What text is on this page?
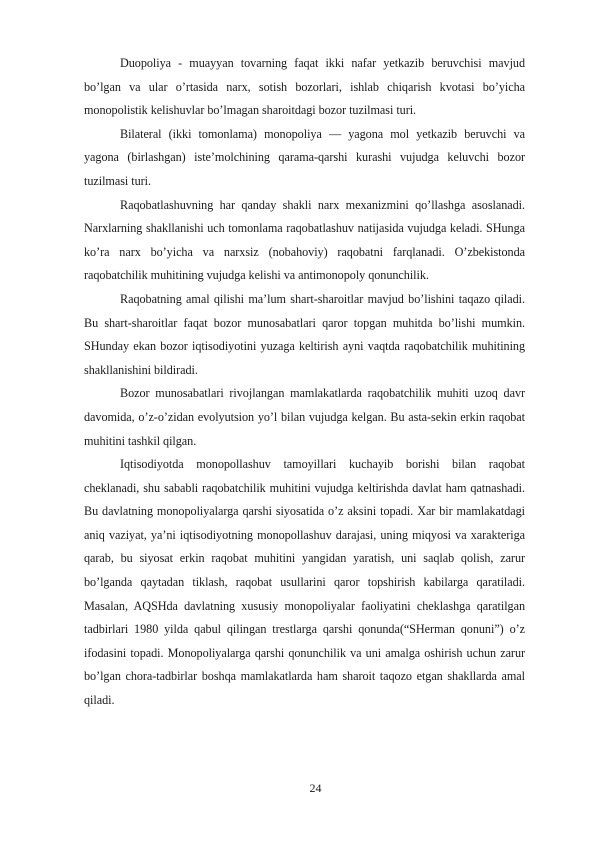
Duopoliya - muayyan tovarning faqat ikki nafar yetkazib beruvchisi mavjud bo’lgan va ular o’rtasida narx, sotish bozorlari, ishlab chiqarish kvotasi bo’yicha monopolistik kelishuvlar bo’lmagan sharoitdagi bozor tuzilmasi turi.

Bilateral (ikki tomonlama) monopoliya — yagona mol yetkazib beruvchi va yagona (birlashgan) iste’molchining qarama-qarshi kurashi vujudga keluvchi bozor tuzilmasi turi.

Raqobatlashuvning har qanday shakli narx mexanizmini qo’llashga asoslanadi. Narxlarning shakllanishi uch tomonlama raqobatlashuv natijasida vujudga keladi. SHunga ko’ra narx bo’yicha va narxsiz (nobahoviy) raqobatni farqlanadi. O’zbekistonda raqobatchilik muhitining vujudga kelishi va antimonopoly qonunchilik.

Raqobatning amal qilishi ma’lum shart-sharoitlar mavjud bo’lishini taqazo qiladi. Bu shart-sharoitlar faqat bozor munosabatlari qaror topgan muhitda bo’lishi mumkin. SHunday ekan bozor iqtisodiyotini yuzaga keltirish ayni vaqtda raqobatchilik muhitining shakllanishini bildiradi.

Bozor munosabatlari rivojlangan mamlakatlarda raqobatchilik muhiti uzoq davr davomida, o’z-o’zidan evolyutsion yo’l bilan vujudga kelgan. Bu asta-sekin erkin raqobat muhitini tashkil qilgan.

Iqtisodiyotda monopollashuv tamoyillari kuchayib borishi bilan raqobat cheklanadi, shu sababli raqobatchilik muhitini vujudga keltirishda davlat ham qatnashadi. Bu davlatning monopoliyalarga qarshi siyosatida o’z aksini topadi. Xar bir mamlakatdagi aniq vaziyat, ya’ni iqtisodiyotning monopollashuv darajasi, uning miqyosi va xarakteriga qarab, bu siyosat erkin raqobat muhitini yangidan yaratish, uni saqlab qolish, zarur bo’lganda qaytadan tiklash, raqobat usullarini qaror topshirish kabilarga qaratiladi. Masalan, AQSHda davlatning xususiy monopoliyalar faoliyatini cheklashga qaratilgan tadbirlari 1980 yilda qabul qilingan trestlarga qarshi qonunda(“SHerman qonuni”) o’z ifodasini topadi. Monopoliyalarga qarshi qonunchilik va uni amalga oshirish uchun zarur bo’lgan chora-tadbirlar boshqa mamlakatlarda ham sharoit taqozo etgan shakllarda amal qiladi.

24
